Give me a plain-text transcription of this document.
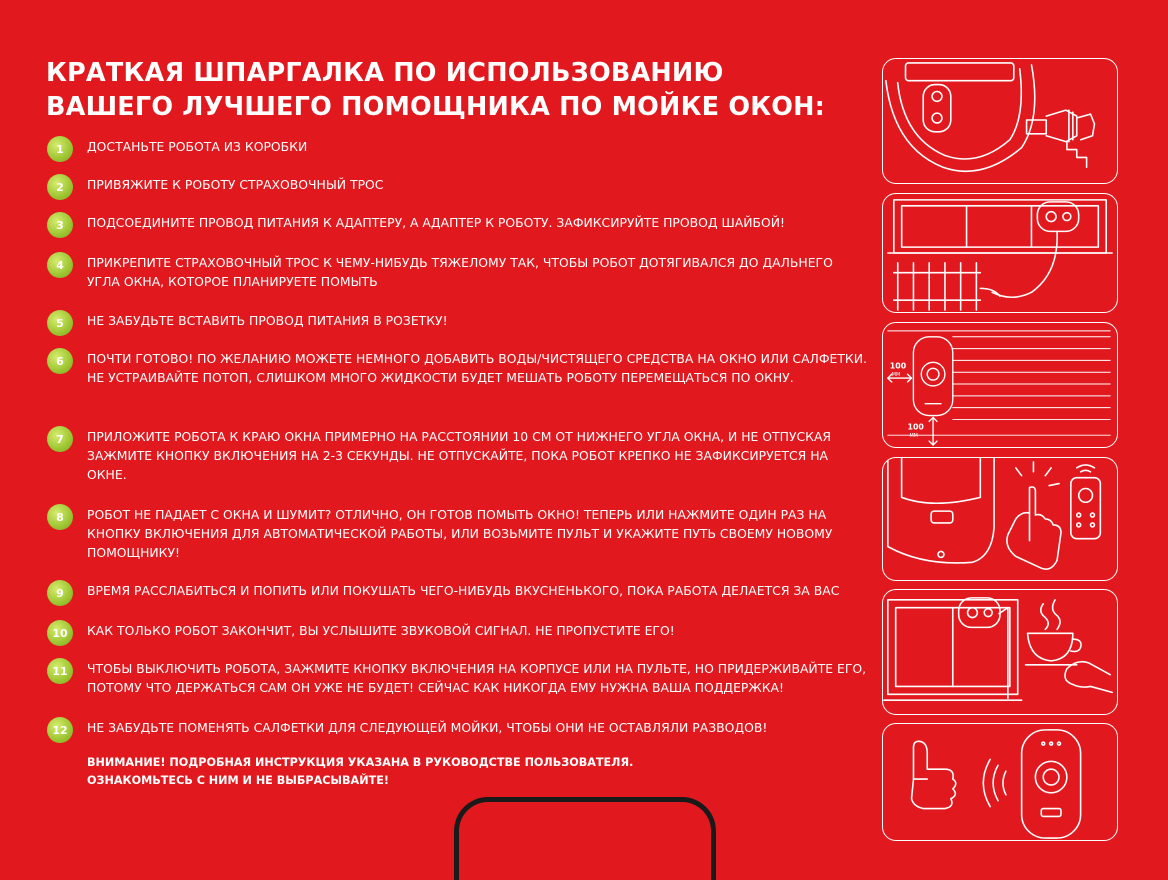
КРАТКАЯ ШПАРГАЛКА ПО ИСПОЛЬЗОВАНИЮ
ВАШЕГО ЛУЧШЕГО ПОМОЩНИКА ПО МОЙКЕ ОКОН:
1	ДОСТАНЬТЕ РОБОТА ИЗ КОРОБКИ
2	ПРИВЯЖИТЕ К РОБОТУ СТРАХОВОЧНЫЙ ТРОС
3	ПОДСОЕДИНИТЕ ПРОВОД ПИТАНИЯ К АДАПТЕРУ, А АДАПТЕР К РОБОТУ. ЗАФИКСИРУЙТЕ ПРОВОД ШАЙБОЙ!
4	ПРИКРЕПИТЕ СТРАХОВОЧНЫЙ ТРОС К ЧЕМУ-НИБУДЬ ТЯЖЕЛОМУ ТАК, ЧТОБЫ РОБОТ ДОТЯГИВАЛСЯ ДО ДАЛЬНЕГО УГЛА ОКНА, КОТОРОЕ ПЛАНИРУЕТЕ ПОМЫТЬ
5	НЕ ЗАБУДЬТЕ ВСТАВИТЬ ПРОВОД ПИТАНИЯ В РОЗЕТКУ!
6	ПОЧТИ ГОТОВО! ПО ЖЕЛАНИЮ МОЖЕТЕ НЕМНОГО ДОБАВИТЬ ВОДЫ/ЧИСТЯЩЕГО СРЕДСТВА НА ОКНО ИЛИ САЛФЕТКИ. НЕ УСТРАИВАЙТЕ ПОТОП, СЛИШКОМ МНОГО ЖИДКОСТИ БУДЕТ МЕШАТЬ РОБОТУ ПЕРЕМЕЩАТЬСЯ ПО ОКНУ.
7	ПРИЛОЖИТЕ РОБОТА К КРАЮ ОКНА ПРИМЕРНО НА РАССТОЯНИИ 10 СМ ОТ НИЖНЕГО УГЛА ОКНА, И НЕ ОТПУСКАЯ ЗАЖМИТЕ КНОПКУ ВКЛЮЧЕНИЯ НА 2-3 СЕКУНДЫ. НЕ ОТПУСКАЙТЕ, ПОКА РОБОТ КРЕПКО НЕ ЗАФИКСИРУЕТСЯ НА ОКНЕ.
8	РОБОТ НЕ ПАДАЕТ С ОКНА И ШУМИТ? ОТЛИЧНО, ОН ГОТОВ ПОМЫТЬ ОКНО! ТЕПЕРЬ ИЛИ НАЖМИТЕ ОДИН РАЗ НА КНОПКУ ВКЛЮЧЕНИЯ ДЛЯ АВТОМАТИЧЕСКОЙ РАБОТЫ, ИЛИ ВОЗЬМИТЕ ПУЛЬТ И УКАЖИТЕ ПУТЬ СВОЕМУ НОВОМУ ПОМОЩНИКУ!
9	ВРЕМЯ РАССЛАБИТЬСЯ И ПОПИТЬ ИЛИ ПОКУШАТЬ ЧЕГО-НИБУДЬ ВКУСНЕНЬКОГО, ПОКА РАБОТА ДЕЛАЕТСЯ ЗА ВАС
10	КАК ТОЛЬКО РОБОТ ЗАКОНЧИТ, ВЫ УСЛЫШИТЕ ЗВУКОВОЙ СИГНАЛ. НЕ ПРОПУСТИТЕ ЕГО!
11	ЧТОБЫ ВЫКЛЮЧИТЬ РОБОТА, ЗАЖМИТЕ КНОПКУ ВКЛЮЧЕНИЯ НА КОРПУСЕ ИЛИ НА ПУЛЬТЕ, НО ПРИДЕРЖИВАЙТЕ ЕГО, ПОТОМУ ЧТО ДЕРЖАТЬСЯ САМ ОН УЖЕ НЕ БУДЕТ! СЕЙЧАС КАК НИКОГДА ЕМУ НУЖНА ВАША ПОДДЕРЖКА!
12	НЕ ЗАБУДЬТЕ ПОМЕНЯТЬ САЛФЕТКИ ДЛЯ СЛЕДУЮЩЕЙ МОЙКИ, ЧТОБЫ ОНИ НЕ ОСТАВЛЯЛИ РАЗВОДОВ!
ВНИМАНИЕ! ПОДРОБНАЯ ИНСТРУКЦИЯ УКАЗАНА В РУКОВОДСТВЕ ПОЛЬЗОВАТЕЛЯ.
ОЗНАКОМЬТЕСЬ С НИМ И НЕ ВЫБРАСЫВАЙТЕ!
100
ММ
100
ММ
